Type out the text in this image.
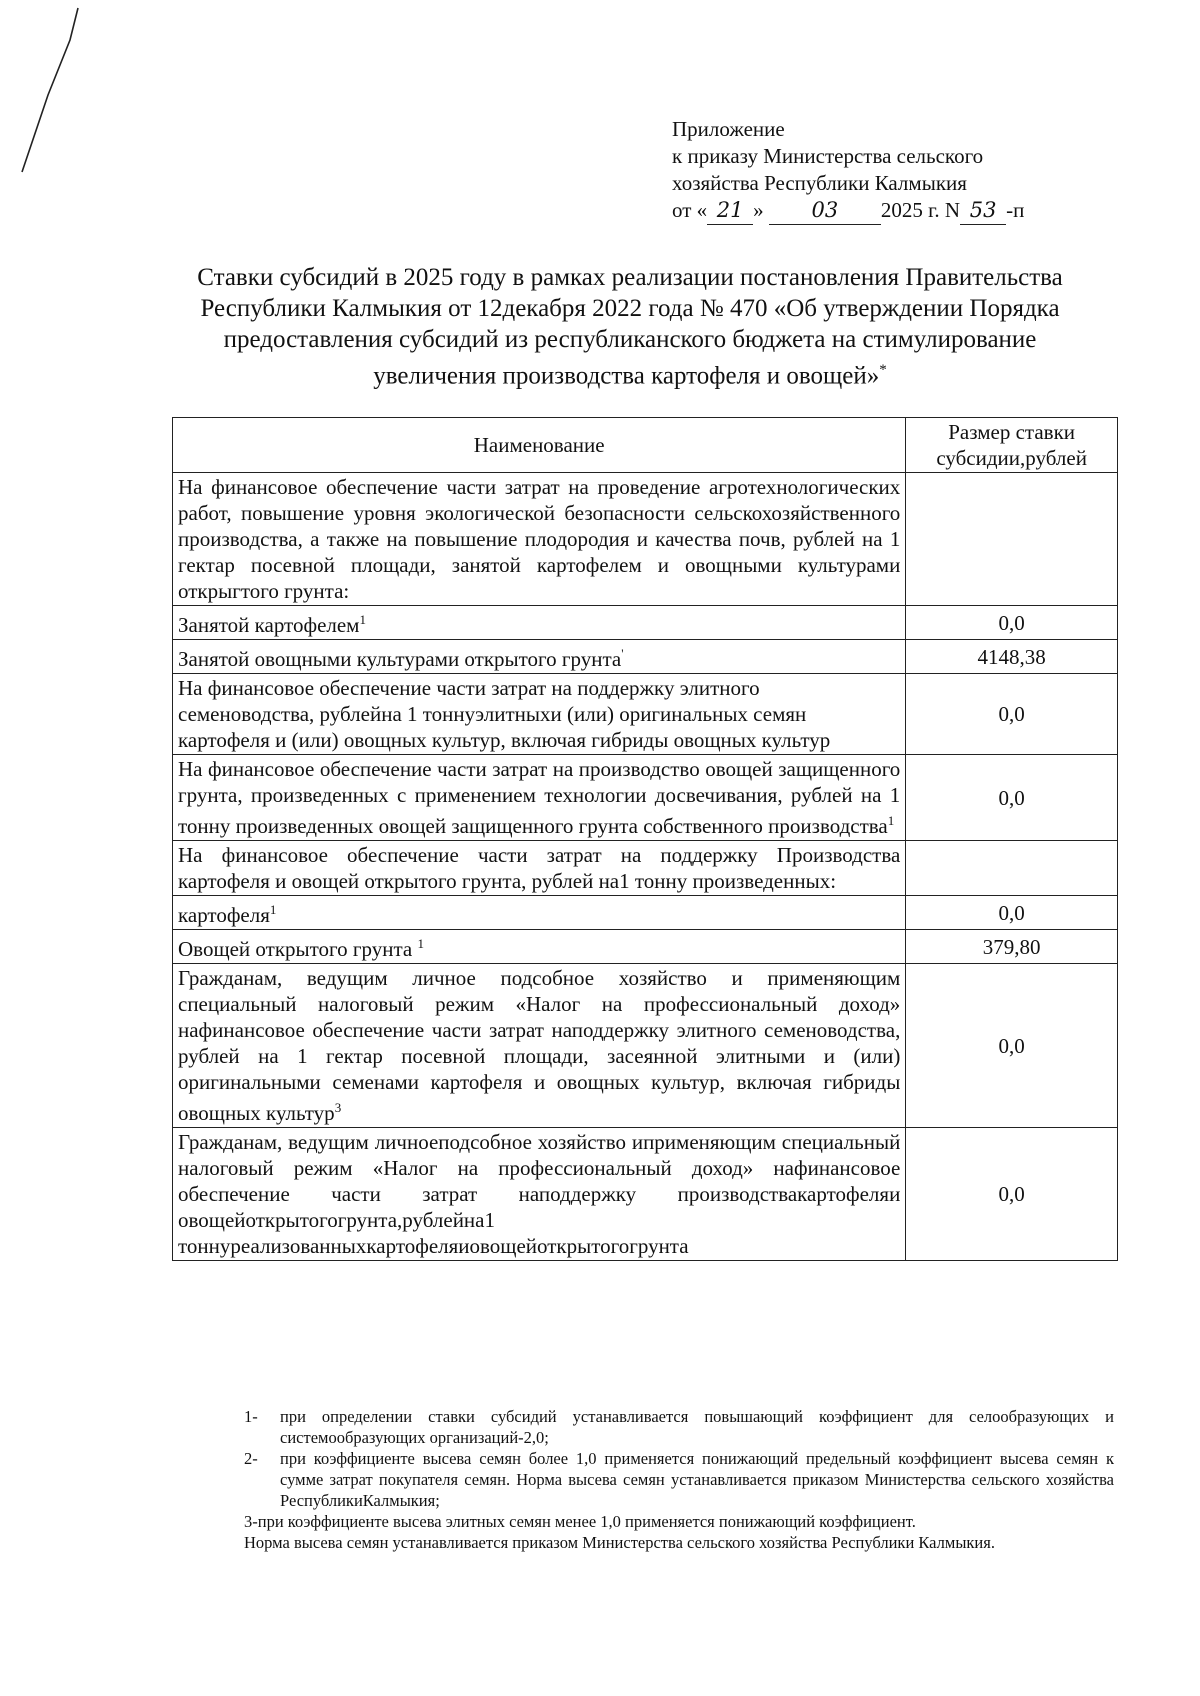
Приложение
к приказу Министерства сельского
хозяйства Республики Калмыкия
от « 21 » 03 2025 г. N 53 -п
Ставки субсидий в 2025 году в рамках реализации постановления Правительства Республики Калмыкия от 12декабря 2022 года № 470 «Об утверждении Порядка предоставления субсидий из республиканского бюджета на стимулирование увеличения производства картофеля и овощей»*
Наименование	Размер ставки субсидии,рублей
На финансовое обеспечение части затрат на проведение агротехнологических работ, повышение уровня экологической безопасности сельскохозяйственного производства, а также на повышение плодородия и качества почв, рублей на 1 гектар посевной площади, занятой картофелем и овощными культурами открыгтого грунта:	
Занятой картофелем$^1$	0,0
Занятой овощными культурами открытого грунта'	4148,38
На финансовое обеспечение части затрат на поддержку элитного семеноводства, рублейна 1 тоннуэлитныхи (или) оригинальных семян картофеля и (или) овощных культур, включая гибриды овощных культур	0,0
На финансовое обеспечение части затрат на производство овощей защищенного грунта, произведенных с применением технологии досвечивания, рублей на 1 тонну произведенных овощей защищенного грунта собственного производства$^1$	0,0
На финансовое обеспечение части затрат на поддержку Производства картофеля и овощей открытого грунта, рублей на1 тонну произведенных:	
картофеля$^1$	0,0
Овощей открытого грунта $^1$	379,80
Гражданам, ведущим личное подсобное хозяйство и применяющим специальный налоговый режим «Налог на профессиональный доход» нафинансовое обеспечение части затрат наподдержку элитного семеноводства, рублей на 1 гектар посевной площади, засеянной элитными и (или) оригинальными семенами картофеля и овощных культур, включая гибриды овощных культур$^3$	0,0
Гражданам, ведущим личноеподсобное хозяйство иприменяющим специальный налоговый режим «Налог на профессиональный доход» нафинансовое обеспечение части затрат наподдержку производствакартофеляи овощейоткрытогогрунта,рублейна1 тоннуреализованныхкартофеляиовощейоткрытогогрунта	0,0
1-	при определении ставки субсидий устанавливается повышающий коэффициент для селообразующих и системообразующих организаций-2,0;
2-	при коэффициенте высева семян более 1,0 применяется понижающий предельный коэффициент высева семян к сумме затрат покупателя семян. Норма высева семян устанавливается приказом Министерства сельского хозяйства РеспубликиКалмыкия;
3-при коэффициенте высева элитных семян менее 1,0 применяется понижающий коэффициент.
Норма высева семян устанавливается приказом Министерства сельского хозяйства Республики Калмыкия.
